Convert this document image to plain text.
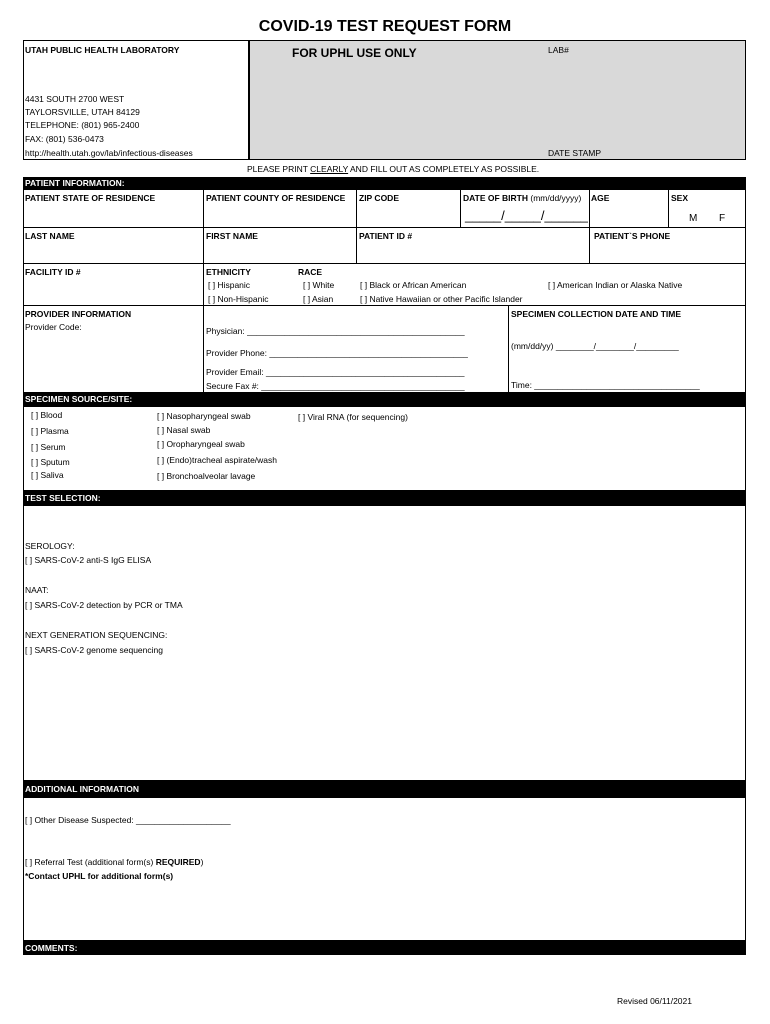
COVID-19 TEST REQUEST FORM
UTAH PUBLIC HEALTH LABORATORY
4431 SOUTH 2700 WEST
TAYLORSVILLE, UTAH 84129
TELEPHONE: (801) 965-2400
FAX: (801) 536-0473
http://health.utah.gov/lab/infectious-diseases
FOR UPHL USE ONLY	LAB#
DATE STAMP
PLEASE PRINT CLEARLY AND FILL OUT AS COMPLETELY AS POSSIBLE.
PATIENT INFORMATION:
PATIENT STATE OF RESIDENCE	PATIENT COUNTY OF RESIDENCE ZIP CODE	DATE OF BIRTH (mm/dd/yyyy)
_____/_____/______
AGE	SEX
M F
LAST NAME	FIRST NAME	PATIENT ID #	PATIENT`S PHONE
FACILITY ID #	ETHNICITY
[ ] Hispanic
[ ] Non-Hispanic
RACE
[ ] White
[ ] Asian
[ ] Black or African American
[ ] Native Hawaiian or other Pacific Islander
[ ] American Indian or Alaska Native
PROVIDER INFORMATION
Provider Code:	Physician: ______________________________________________
Provider Phone: __________________________________________
Provider Email: __________________________________________
Secure Fax #: ___________________________________________
SPECIMEN COLLECTION DATE AND TIME
(mm/dd/yy) ________/________/_________
Time: ___________________________________
SPECIMEN SOURCE/SITE:
[ ] Blood
[ ] Plasma
[ ] Serum
[ ] Sputum
[ ] Saliva
[ ] Nasopharyngeal swab
[ ] Nasal swab
[ ] Oropharyngeal swab
[ ] (Endo)tracheal aspirate/wash
[ ] Bronchoalveolar lavage
[ ] Viral RNA (for sequencing)
TEST SELECTION:
SEROLOGY:
[ ] SARS-CoV-2 anti-S IgG ELISA
NAAT:
[ ] SARS-CoV-2 detection by PCR or TMA
NEXT GENERATION SEQUENCING:
[ ] SARS-CoV-2 genome sequencing
ADDITIONAL INFORMATION
[ ] Other Disease Suspected: ____________________
[ ] Referral Test (additional form(s) REQUIRED)
*Contact UPHL for additional form(s)
COMMENTS:
Revised 06/11/2021
